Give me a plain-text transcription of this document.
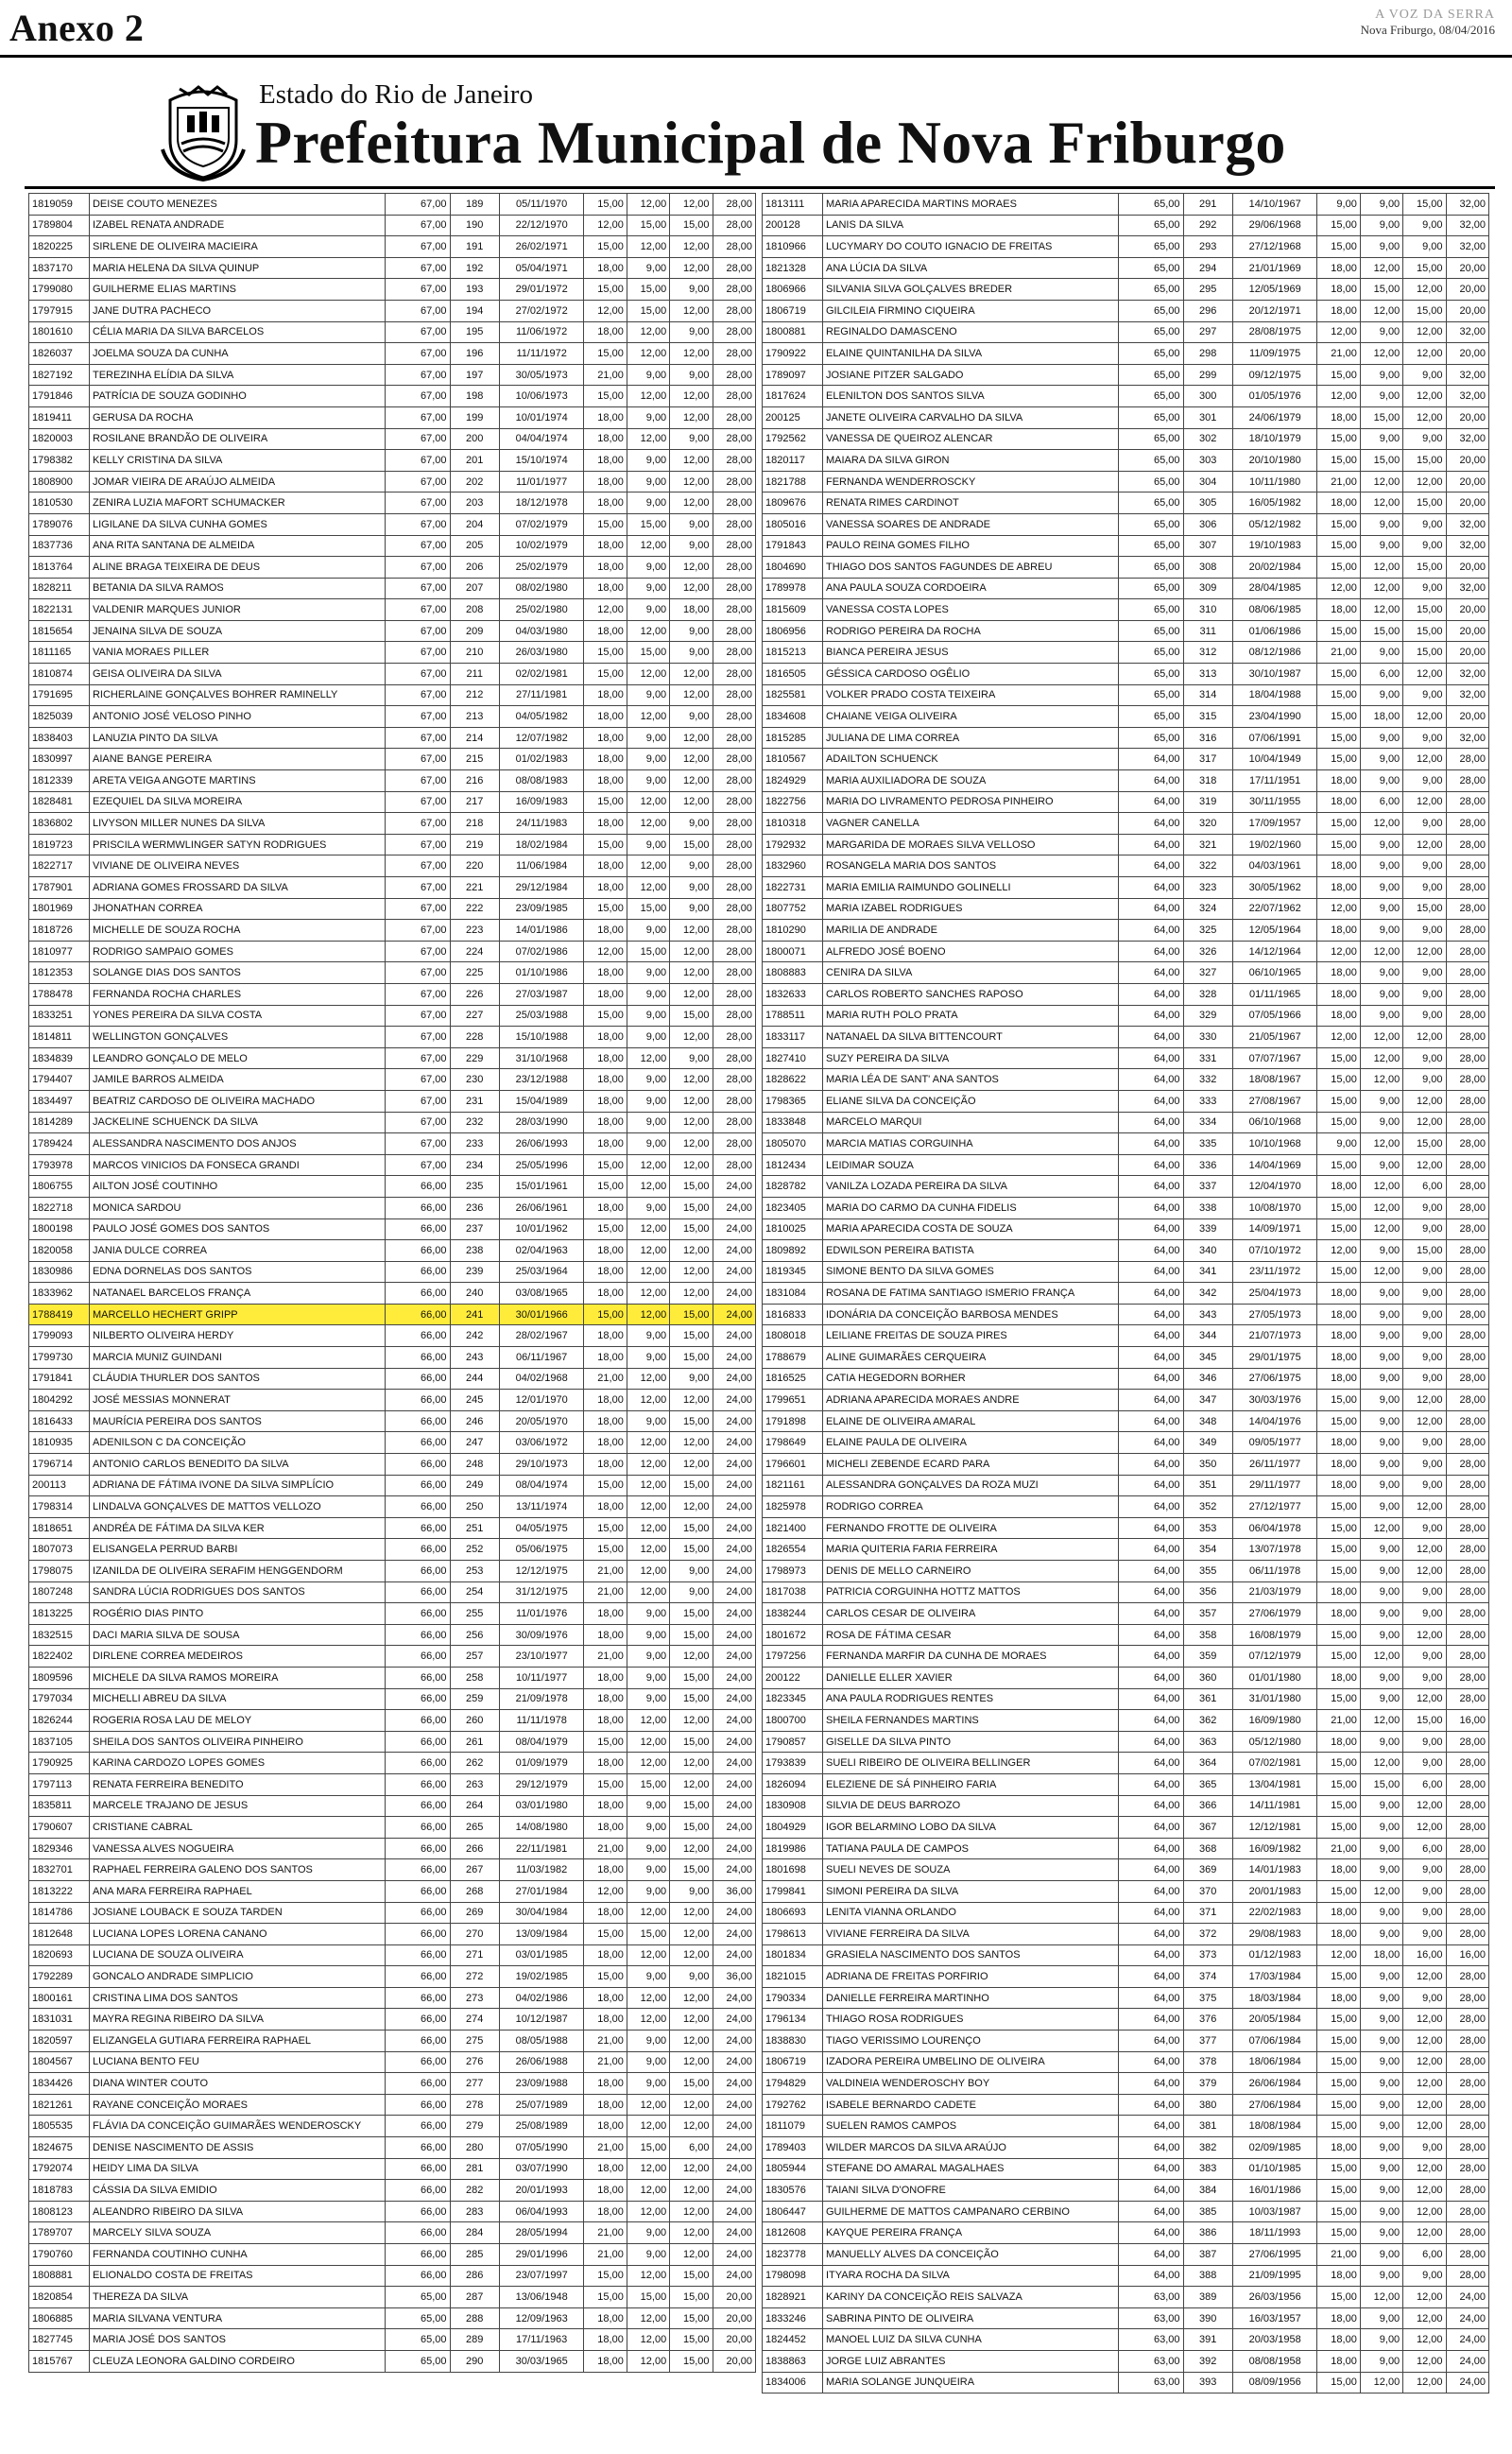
Anexo 2	A VOZ DA SERRA
Nova Friburgo, 08/04/2016
Estado do Rio de Janeiro
Prefeitura Municipal de Nova Friburgo
1819059	DEISE COUTO MENEZES	67,00	189	05/11/1970	15,00	12,00	12,00	28,00
1789804	IZABEL RENATA ANDRADE	67,00	190	22/12/1970	12,00	15,00	15,00	28,00
1820225	SIRLENE DE OLIVEIRA MACIEIRA	67,00	191	26/02/1971	15,00	12,00	12,00	28,00
1837170	MARIA HELENA DA SILVA QUINUP	67,00	192	05/04/1971	18,00	9,00	12,00	28,00
1799080	GUILHERME ELIAS MARTINS	67,00	193	29/01/1972	15,00	15,00	9,00	28,00
1797915	JANE DUTRA PACHECO	67,00	194	27/02/1972	12,00	15,00	12,00	28,00
1801610	CÉLIA MARIA DA SILVA BARCELOS	67,00	195	11/06/1972	18,00	12,00	9,00	28,00
1826037	JOELMA SOUZA DA CUNHA	67,00	196	11/11/1972	15,00	12,00	12,00	28,00
1827192	TEREZINHA ELÍDIA DA SILVA	67,00	197	30/05/1973	21,00	9,00	9,00	28,00
1791846	PATRÍCIA DE SOUZA GODINHO	67,00	198	10/06/1973	15,00	12,00	12,00	28,00
1819411	GERUSA DA ROCHA	67,00	199	10/01/1974	18,00	9,00	12,00	28,00
1820003	ROSILANE BRANDÃO DE OLIVEIRA	67,00	200	04/04/1974	18,00	12,00	9,00	28,00
1798382	KELLY CRISTINA DA SILVA	67,00	201	15/10/1974	18,00	9,00	12,00	28,00
1808900	JOMAR VIEIRA DE ARAÚJO ALMEIDA	67,00	202	11/01/1977	18,00	9,00	12,00	28,00
1810530	ZENIRA LUZIA MAFORT SCHUMACKER	67,00	203	18/12/1978	18,00	9,00	12,00	28,00
1789076	LIGILANE DA SILVA CUNHA GOMES	67,00	204	07/02/1979	15,00	15,00	9,00	28,00
1837736	ANA RITA SANTANA DE ALMEIDA	67,00	205	10/02/1979	18,00	12,00	9,00	28,00
1813764	ALINE BRAGA TEIXEIRA DE DEUS	67,00	206	25/02/1979	18,00	9,00	12,00	28,00
1828211	BETANIA DA SILVA RAMOS	67,00	207	08/02/1980	18,00	9,00	12,00	28,00
1822131	VALDENIR MARQUES JUNIOR	67,00	208	25/02/1980	12,00	9,00	18,00	28,00
1815654	JENAINA SILVA DE SOUZA	67,00	209	04/03/1980	18,00	12,00	9,00	28,00
1811165	VANIA MORAES PILLER	67,00	210	26/03/1980	15,00	15,00	9,00	28,00
1810874	GEISA OLIVEIRA DA SILVA	67,00	211	02/02/1981	15,00	12,00	12,00	28,00
1791695	RICHERLAINE GONÇALVES BOHRER RAMINELLY	67,00	212	27/11/1981	18,00	9,00	12,00	28,00
1825039	ANTONIO JOSÉ VELOSO PINHO	67,00	213	04/05/1982	18,00	12,00	9,00	28,00
1838403	LANUZIA PINTO DA SILVA	67,00	214	12/07/1982	18,00	9,00	12,00	28,00
1830997	AIANE BANGE PEREIRA	67,00	215	01/02/1983	18,00	9,00	12,00	28,00
1812339	ARETA VEIGA ANGOTE MARTINS	67,00	216	08/08/1983	18,00	9,00	12,00	28,00
1828481	EZEQUIEL DA SILVA MOREIRA	67,00	217	16/09/1983	15,00	12,00	12,00	28,00
1836802	LIVYSON MILLER NUNES DA SILVA	67,00	218	24/11/1983	18,00	12,00	9,00	28,00
1819723	PRISCILA WERMWLINGER SATYN RODRIGUES	67,00	219	18/02/1984	15,00	9,00	15,00	28,00
1822717	VIVIANE DE OLIVEIRA NEVES	67,00	220	11/06/1984	18,00	12,00	9,00	28,00
1787901	ADRIANA GOMES FROSSARD DA SILVA	67,00	221	29/12/1984	18,00	12,00	9,00	28,00
1801969	JHONATHAN CORREA	67,00	222	23/09/1985	15,00	15,00	9,00	28,00
1818726	MICHELLE DE SOUZA ROCHA	67,00	223	14/01/1986	18,00	9,00	12,00	28,00
1810977	RODRIGO SAMPAIO GOMES	67,00	224	07/02/1986	12,00	15,00	12,00	28,00
1812353	SOLANGE DIAS DOS SANTOS	67,00	225	01/10/1986	18,00	9,00	12,00	28,00
1788478	FERNANDA ROCHA CHARLES	67,00	226	27/03/1987	18,00	9,00	12,00	28,00
1833251	YONES PEREIRA DA SILVA COSTA	67,00	227	25/03/1988	15,00	9,00	15,00	28,00
1814811	WELLINGTON GONÇALVES	67,00	228	15/10/1988	18,00	9,00	12,00	28,00
1834839	LEANDRO GONÇALO DE MELO	67,00	229	31/10/1968	18,00	12,00	9,00	28,00
1794407	JAMILE BARROS ALMEIDA	67,00	230	23/12/1988	18,00	9,00	12,00	28,00
1834497	BEATRIZ CARDOSO DE OLIVEIRA MACHADO	67,00	231	15/04/1989	18,00	9,00	12,00	28,00
1814289	JACKELINE SCHUENCK DA SILVA	67,00	232	28/03/1990	18,00	9,00	12,00	28,00
1789424	ALESSANDRA NASCIMENTO DOS ANJOS	67,00	233	26/06/1993	18,00	9,00	12,00	28,00
1793978	MARCOS VINICIOS DA FONSECA GRANDI	67,00	234	25/05/1996	15,00	12,00	12,00	28,00
1806755	AILTON JOSÉ COUTINHO	66,00	235	15/01/1961	15,00	12,00	15,00	24,00
1822718	MONICA SARDOU	66,00	236	26/06/1961	18,00	9,00	15,00	24,00
1800198	PAULO JOSÉ GOMES DOS SANTOS	66,00	237	10/01/1962	15,00	12,00	15,00	24,00
1820058	JANIA DULCE CORREA	66,00	238	02/04/1963	18,00	12,00	12,00	24,00
1830986	EDNA DORNELAS DOS SANTOS	66,00	239	25/03/1964	18,00	12,00	12,00	24,00
1833962	NATANAEL BARCELOS FRANÇA	66,00	240	03/08/1965	18,00	12,00	12,00	24,00
1788419	MARCELLO HECHERT GRIPP	66,00	241	30/01/1966	15,00	12,00	15,00	24,00
1799093	NILBERTO OLIVEIRA HERDY	66,00	242	28/02/1967	18,00	9,00	15,00	24,00
1799730	MARCIA MUNIZ GUINDANI	66,00	243	06/11/1967	18,00	9,00	15,00	24,00
1791841	CLÁUDIA THURLER DOS SANTOS	66,00	244	04/02/1968	21,00	12,00	9,00	24,00
1804292	JOSÉ MESSIAS MONNERAT	66,00	245	12/01/1970	18,00	12,00	12,00	24,00
1816433	MAURÍCIA PEREIRA DOS SANTOS	66,00	246	20/05/1970	18,00	9,00	15,00	24,00
1810935	ADENILSON C DA CONCEIÇÃO	66,00	247	03/06/1972	18,00	12,00	12,00	24,00
1796714	ANTONIO CARLOS BENEDITO DA SILVA	66,00	248	29/10/1973	18,00	12,00	12,00	24,00
200113	ADRIANA DE FÁTIMA IVONE DA SILVA SIMPLÍCIO	66,00	249	08/04/1974	15,00	12,00	15,00	24,00
1798314	LINDALVA GONÇALVES DE MATTOS VELLOZO	66,00	250	13/11/1974	18,00	12,00	12,00	24,00
1818651	ANDRÉA DE FÁTIMA DA SILVA KER	66,00	251	04/05/1975	15,00	12,00	15,00	24,00
1807073	ELISANGELA PERRUD BARBI	66,00	252	05/06/1975	15,00	12,00	15,00	24,00
1798075	IZANILDA DE OLIVEIRA SERAFIM HENGGENDORM	66,00	253	12/12/1975	21,00	12,00	9,00	24,00
1807248	SANDRA LÚCIA RODRIGUES DOS SANTOS	66,00	254	31/12/1975	21,00	12,00	9,00	24,00
1813225	ROGÉRIO DIAS PINTO	66,00	255	11/01/1976	18,00	9,00	15,00	24,00
1832515	DACI MARIA SILVA DE SOUSA	66,00	256	30/09/1976	18,00	9,00	15,00	24,00
1822402	DIRLENE CORREA MEDEIROS	66,00	257	23/10/1977	21,00	9,00	12,00	24,00
1809596	MICHELE DA SILVA RAMOS MOREIRA	66,00	258	10/11/1977	18,00	9,00	15,00	24,00
1797034	MICHELLI ABREU DA SILVA	66,00	259	21/09/1978	18,00	9,00	15,00	24,00
1826244	ROGERIA ROSA LAU DE MELOY	66,00	260	11/11/1978	18,00	12,00	12,00	24,00
1837105	SHEILA DOS SANTOS OLIVEIRA PINHEIRO	66,00	261	08/04/1979	15,00	12,00	15,00	24,00
1790925	KARINA CARDOZO LOPES GOMES	66,00	262	01/09/1979	18,00	12,00	12,00	24,00
1797113	RENATA FERREIRA BENEDITO	66,00	263	29/12/1979	15,00	15,00	12,00	24,00
1835811	MARCELE TRAJANO DE JESUS	66,00	264	03/01/1980	18,00	9,00	15,00	24,00
1790607	CRISTIANE CABRAL	66,00	265	14/08/1980	18,00	9,00	15,00	24,00
1829346	VANESSA ALVES NOGUEIRA	66,00	266	22/11/1981	21,00	9,00	12,00	24,00
1832701	RAPHAEL FERREIRA GALENO DOS SANTOS	66,00	267	11/03/1982	18,00	9,00	15,00	24,00
1813222	ANA MARA FERREIRA RAPHAEL	66,00	268	27/01/1984	12,00	9,00	9,00	36,00
1814786	JOSIANE LOUBACK E SOUZA TARDEN	66,00	269	30/04/1984	18,00	12,00	12,00	24,00
1812648	LUCIANA LOPES LORENA CANANO	66,00	270	13/09/1984	15,00	15,00	12,00	24,00
1820693	LUCIANA DE SOUZA OLIVEIRA	66,00	271	03/01/1985	18,00	12,00	12,00	24,00
1792289	GONCALO ANDRADE SIMPLICIO	66,00	272	19/02/1985	15,00	9,00	9,00	36,00
1800161	CRISTINA LIMA DOS SANTOS	66,00	273	04/02/1986	18,00	12,00	12,00	24,00
1831031	MAYRA REGINA RIBEIRO DA SILVA	66,00	274	10/12/1987	18,00	12,00	12,00	24,00
1820597	ELIZANGELA GUTIARA FERREIRA RAPHAEL	66,00	275	08/05/1988	21,00	9,00	12,00	24,00
1804567	LUCIANA BENTO FEU	66,00	276	26/06/1988	21,00	9,00	12,00	24,00
1834426	DIANA WINTER COUTO	66,00	277	23/09/1988	18,00	9,00	15,00	24,00
1821261	RAYANE CONCEIÇÃO MORAES	66,00	278	25/07/1989	18,00	12,00	12,00	24,00
1805535	FLÁVIA DA CONCEIÇÃO GUIMARÃES WENDEROSCKY	66,00	279	25/08/1989	18,00	12,00	12,00	24,00
1824675	DENISE NASCIMENTO DE ASSIS	66,00	280	07/05/1990	21,00	15,00	6,00	24,00
1792074	HEIDY LIMA DA SILVA	66,00	281	03/07/1990	18,00	12,00	12,00	24,00
1818783	CÁSSIA DA SILVA EMIDIO	66,00	282	20/01/1993	18,00	12,00	12,00	24,00
1808123	ALEANDRO RIBEIRO DA SILVA	66,00	283	06/04/1993	18,00	12,00	12,00	24,00
1789707	MARCELY SILVA SOUZA	66,00	284	28/05/1994	21,00	9,00	12,00	24,00
1790760	FERNANDA COUTINHO CUNHA	66,00	285	29/01/1996	21,00	9,00	12,00	24,00
1808881	ELIONALDO COSTA DE FREITAS	66,00	286	23/07/1997	15,00	12,00	15,00	24,00
1820854	THEREZA DA SILVA	65,00	287	13/06/1948	15,00	15,00	15,00	20,00
1806885	MARIA SILVANA VENTURA	65,00	288	12/09/1963	18,00	12,00	15,00	20,00
1827745	MARIA JOSÉ DOS SANTOS	65,00	289	17/11/1963	18,00	12,00	15,00	20,00
1815767	CLEUZA LEONORA GALDINO CORDEIRO	65,00	290	30/03/1965	18,00	12,00	15,00	20,00
1813111	MARIA APARECIDA MARTINS MORAES	65,00	291	14/10/1967	9,00	9,00	15,00	32,00
200128	LANIS DA SILVA	65,00	292	29/06/1968	15,00	9,00	9,00	32,00
1810966	LUCYMARY DO COUTO IGNACIO DE FREITAS	65,00	293	27/12/1968	15,00	9,00	9,00	32,00
1821328	ANA LÚCIA DA SILVA	65,00	294	21/01/1969	18,00	12,00	15,00	20,00
1806966	SILVANIA SILVA GOLÇALVES BREDER	65,00	295	12/05/1969	18,00	15,00	12,00	20,00
1806719	GILCILEIA FIRMINO CIQUEIRA	65,00	296	20/12/1971	18,00	12,00	15,00	20,00
1800881	REGINALDO DAMASCENO	65,00	297	28/08/1975	12,00	9,00	12,00	32,00
1790922	ELAINE QUINTANILHA DA SILVA	65,00	298	11/09/1975	21,00	12,00	12,00	20,00
1789097	JOSIANE PITZER SALGADO	65,00	299	09/12/1975	15,00	9,00	9,00	32,00
1817624	ELENILTON DOS SANTOS SILVA	65,00	300	01/05/1976	12,00	9,00	12,00	32,00
200125	JANETE OLIVEIRA CARVALHO DA SILVA	65,00	301	24/06/1979	18,00	15,00	12,00	20,00
1792562	VANESSA DE QUEIROZ ALENCAR	65,00	302	18/10/1979	15,00	9,00	9,00	32,00
1820117	MAIARA DA SILVA GIRON	65,00	303	20/10/1980	15,00	15,00	15,00	20,00
1821788	FERNANDA WENDERROSCKY	65,00	304	10/11/1980	21,00	12,00	12,00	20,00
1809676	RENATA RIMES CARDINOT	65,00	305	16/05/1982	18,00	12,00	15,00	20,00
1805016	VANESSA SOARES DE ANDRADE	65,00	306	05/12/1982	15,00	9,00	9,00	32,00
1791843	PAULO REINA GOMES FILHO	65,00	307	19/10/1983	15,00	9,00	9,00	32,00
1804690	THIAGO DOS SANTOS FAGUNDES DE ABREU	65,00	308	20/02/1984	15,00	12,00	15,00	20,00
1789978	ANA PAULA SOUZA CORDOEIRA	65,00	309	28/04/1985	12,00	12,00	9,00	32,00
1815609	VANESSA COSTA LOPES	65,00	310	08/06/1985	18,00	12,00	15,00	20,00
1806956	RODRIGO PEREIRA DA ROCHA	65,00	311	01/06/1986	15,00	15,00	15,00	20,00
1815213	BIANCA PEREIRA JESUS	65,00	312	08/12/1986	21,00	9,00	15,00	20,00
1816505	GÉSSICA CARDOSO OGÊLIO	65,00	313	30/10/1987	15,00	6,00	12,00	32,00
1825581	VOLKER PRADO COSTA TEIXEIRA	65,00	314	18/04/1988	15,00	9,00	9,00	32,00
1834608	CHAIANE VEIGA OLIVEIRA	65,00	315	23/04/1990	15,00	18,00	12,00	20,00
1815285	JULIANA DE LIMA CORREA	65,00	316	07/06/1991	15,00	9,00	9,00	32,00
1810567	ADAILTON SCHUENCK	64,00	317	10/04/1949	15,00	9,00	12,00	28,00
1824929	MARIA AUXILIADORA DE SOUZA	64,00	318	17/11/1951	18,00	9,00	9,00	28,00
1822756	MARIA DO LIVRAMENTO PEDROSA PINHEIRO	64,00	319	30/11/1955	18,00	6,00	12,00	28,00
1810318	VAGNER CANELLA	64,00	320	17/09/1957	15,00	12,00	9,00	28,00
1792932	MARGARIDA DE MORAES SILVA VELLOSO	64,00	321	19/02/1960	15,00	9,00	12,00	28,00
1832960	ROSANGELA MARIA DOS SANTOS	64,00	322	04/03/1961	18,00	9,00	9,00	28,00
1822731	MARIA EMILIA RAIMUNDO GOLINELLI	64,00	323	30/05/1962	18,00	9,00	9,00	28,00
1807752	MARIA IZABEL RODRIGUES	64,00	324	22/07/1962	12,00	9,00	15,00	28,00
1810290	MARILIA DE ANDRADE	64,00	325	12/05/1964	18,00	9,00	9,00	28,00
1800071	ALFREDO JOSÉ BOENO	64,00	326	14/12/1964	12,00	12,00	12,00	28,00
1808883	CENIRA DA SILVA	64,00	327	06/10/1965	18,00	9,00	9,00	28,00
1832633	CARLOS ROBERTO SANCHES RAPOSO	64,00	328	01/11/1965	18,00	9,00	9,00	28,00
1788511	MARIA RUTH POLO PRATA	64,00	329	07/05/1966	18,00	9,00	9,00	28,00
1833117	NATANAEL DA SILVA BITTENCOURT	64,00	330	21/05/1967	12,00	12,00	12,00	28,00
1827410	SUZY PEREIRA DA SILVA	64,00	331	07/07/1967	15,00	12,00	9,00	28,00
1828622	MARIA LÉA DE SANT' ANA SANTOS	64,00	332	18/08/1967	15,00	12,00	9,00	28,00
1798365	ELIANE SILVA DA CONCEIÇÃO	64,00	333	27/08/1967	15,00	9,00	12,00	28,00
1833848	MARCELO MARQUI	64,00	334	06/10/1968	15,00	9,00	12,00	28,00
1805070	MARCIA MATIAS CORGUINHA	64,00	335	10/10/1968	9,00	12,00	15,00	28,00
1812434	LEIDIMAR SOUZA	64,00	336	14/04/1969	15,00	9,00	12,00	28,00
1828782	VANILZA LOZADA PEREIRA DA SILVA	64,00	337	12/04/1970	18,00	12,00	6,00	28,00
1823405	MARIA DO CARMO DA CUNHA FIDELIS	64,00	338	10/08/1970	15,00	12,00	9,00	28,00
1810025	MARIA APARECIDA COSTA DE SOUZA	64,00	339	14/09/1971	15,00	12,00	9,00	28,00
1809892	EDWILSON PEREIRA BATISTA	64,00	340	07/10/1972	12,00	9,00	15,00	28,00
1819345	SIMONE BENTO DA SILVA GOMES	64,00	341	23/11/1972	15,00	12,00	9,00	28,00
1831084	ROSANA DE FATIMA SANTIAGO ISMERIO FRANÇA	64,00	342	25/04/1973	18,00	9,00	9,00	28,00
1816833	IDONÁRIA DA CONCEIÇÃO BARBOSA MENDES	64,00	343	27/05/1973	18,00	9,00	9,00	28,00
1808018	LEILIANE FREITAS DE SOUZA PIRES	64,00	344	21/07/1973	18,00	9,00	9,00	28,00
1788679	ALINE GUIMARÃES CERQUEIRA	64,00	345	29/01/1975	18,00	9,00	9,00	28,00
1816525	CATIA HEGEDORN BORHER	64,00	346	27/06/1975	18,00	9,00	9,00	28,00
1799651	ADRIANA APARECIDA MORAES ANDRE	64,00	347	30/03/1976	15,00	9,00	12,00	28,00
1791898	ELAINE DE OLIVEIRA AMARAL	64,00	348	14/04/1976	15,00	9,00	12,00	28,00
1798649	ELAINE PAULA DE OLIVEIRA	64,00	349	09/05/1977	18,00	9,00	9,00	28,00
1796601	MICHELI ZEBENDE ECARD PARA	64,00	350	26/11/1977	18,00	9,00	9,00	28,00
1821161	ALESSANDRA GONÇALVES DA ROZA MUZI	64,00	351	29/11/1977	18,00	9,00	9,00	28,00
1825978	RODRIGO CORREA	64,00	352	27/12/1977	15,00	9,00	12,00	28,00
1821400	FERNANDO FROTTE DE OLIVEIRA	64,00	353	06/04/1978	15,00	12,00	9,00	28,00
1826554	MARIA QUITERIA FARIA FERREIRA	64,00	354	13/07/1978	15,00	9,00	12,00	28,00
1798973	DENIS DE MELLO CARNEIRO	64,00	355	06/11/1978	15,00	9,00	12,00	28,00
1817038	PATRICIA CORGUINHA HOTTZ MATTOS	64,00	356	21/03/1979	18,00	9,00	9,00	28,00
1838244	CARLOS CESAR DE OLIVEIRA	64,00	357	27/06/1979	18,00	9,00	9,00	28,00
1801672	ROSA DE FÁTIMA CESAR	64,00	358	16/08/1979	15,00	9,00	12,00	28,00
1797256	FERNANDA MARFIR DA CUNHA DE MORAES	64,00	359	07/12/1979	15,00	12,00	9,00	28,00
200122	DANIELLE ELLER XAVIER	64,00	360	01/01/1980	18,00	9,00	9,00	28,00
1823345	ANA PAULA RODRIGUES RENTES	64,00	361	31/01/1980	15,00	9,00	12,00	28,00
1800700	SHEILA FERNANDES MARTINS	64,00	362	16/09/1980	21,00	12,00	15,00	16,00
1790857	GISELLE DA SILVA PINTO	64,00	363	05/12/1980	18,00	9,00	9,00	28,00
1793839	SUELI RIBEIRO DE OLIVEIRA BELLINGER	64,00	364	07/02/1981	15,00	12,00	9,00	28,00
1826094	ELEZIENE DE SÁ PINHEIRO FARIA	64,00	365	13/04/1981	15,00	15,00	6,00	28,00
1830908	SILVIA DE DEUS BARROZO	64,00	366	14/11/1981	15,00	9,00	12,00	28,00
1804929	IGOR BELARMINO LOBO DA SILVA	64,00	367	12/12/1981	15,00	9,00	12,00	28,00
1819986	TATIANA PAULA DE CAMPOS	64,00	368	16/09/1982	21,00	9,00	6,00	28,00
1801698	SUELI NEVES DE SOUZA	64,00	369	14/01/1983	18,00	9,00	9,00	28,00
1799841	SIMONI PEREIRA DA SILVA	64,00	370	20/01/1983	15,00	12,00	9,00	28,00
1806693	LENITA VIANNA ORLANDO	64,00	371	22/02/1983	18,00	9,00	9,00	28,00
1798613	VIVIANE FERREIRA DA SILVA	64,00	372	29/08/1983	18,00	9,00	9,00	28,00
1801834	GRASIELA NASCIMENTO DOS SANTOS	64,00	373	01/12/1983	12,00	18,00	16,00	16,00
1821015	ADRIANA DE FREITAS PORFIRIO	64,00	374	17/03/1984	15,00	9,00	12,00	28,00
1790334	DANIELLE FERREIRA MARTINHO	64,00	375	18/03/1984	18,00	9,00	9,00	28,00
1796134	THIAGO ROSA RODRIGUES	64,00	376	20/05/1984	15,00	9,00	12,00	28,00
1838830	TIAGO VERISSIMO LOURENÇO	64,00	377	07/06/1984	15,00	9,00	12,00	28,00
1806719	IZADORA PEREIRA UMBELINO DE OLIVEIRA	64,00	378	18/06/1984	15,00	9,00	12,00	28,00
1794829	VALDINEIA WENDEROSCHY BOY	64,00	379	26/06/1984	15,00	9,00	12,00	28,00
1792762	ISABELE BERNARDO CADETE	64,00	380	27/06/1984	15,00	9,00	12,00	28,00
1811079	SUELEN RAMOS CAMPOS	64,00	381	18/08/1984	15,00	9,00	12,00	28,00
1789403	WILDER MARCOS DA SILVA ARAÚJO	64,00	382	02/09/1985	18,00	9,00	9,00	28,00
1805944	STEFANE DO AMARAL MAGALHAES	64,00	383	01/10/1985	15,00	9,00	12,00	28,00
1830576	TAIANI SILVA D'ONOFRE	64,00	384	16/01/1986	15,00	9,00	12,00	28,00
1806447	GUILHERME DE MATTOS CAMPANARO CERBINO	64,00	385	10/03/1987	15,00	9,00	12,00	28,00
1812608	KAYQUE PEREIRA FRANÇA	64,00	386	18/11/1993	15,00	9,00	12,00	28,00
1823778	MANUELLY ALVES DA CONCEIÇÃO	64,00	387	27/06/1995	21,00	9,00	6,00	28,00
1798098	ITYARA ROCHA DA SILVA	64,00	388	21/09/1995	18,00	9,00	9,00	28,00
1828921	KARINY DA CONCEIÇÃO REIS SALVAZA	63,00	389	26/03/1956	15,00	12,00	12,00	24,00
1833246	SABRINA PINTO DE OLIVEIRA	63,00	390	16/03/1957	18,00	9,00	12,00	24,00
1824452	MANOEL LUIZ DA SILVA CUNHA	63,00	391	20/03/1958	18,00	9,00	12,00	24,00
1838863	JORGE LUIZ ABRANTES	63,00	392	08/08/1958	18,00	9,00	12,00	24,00
1834006	MARIA SOLANGE JUNQUEIRA	63,00	393	08/09/1956	15,00	12,00	12,00	24,00
